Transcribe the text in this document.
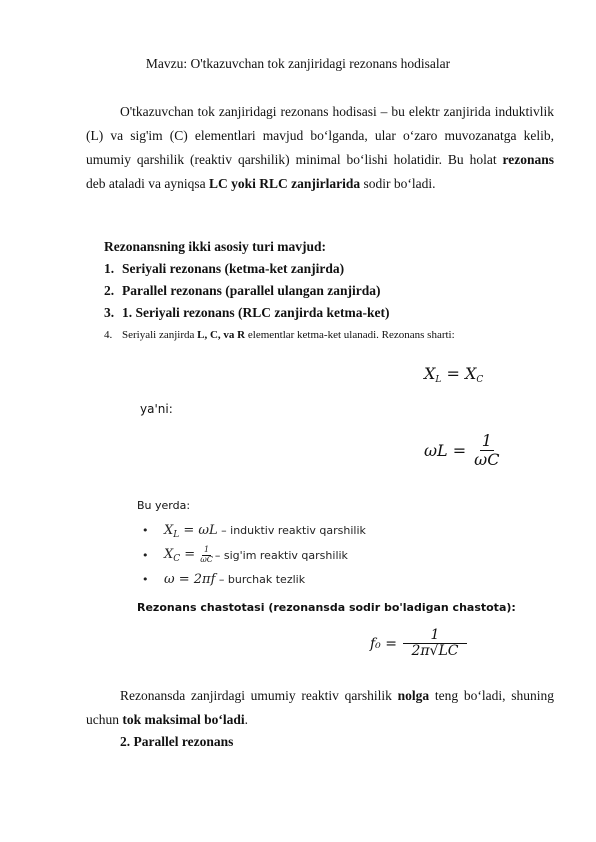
Mavzu: O'tkazuvchan tok zanjiridagi rezonans hodisalar
O'tkazuvchan tok zanjiridagi rezonans hodisasi – bu elektr zanjirida induktivlik (L) va sig'im (C) elementlari mavjud bo‘lganda, ular o‘zaro muvozanatga kelib, umumiy qarshilik (reaktiv qarshilik) minimal bo‘lishi holatidir. Bu holat rezonans deb ataladi va ayniqsa LC yoki RLC zanjirlarida sodir bo‘ladi.
Rezonansning ikki asosiy turi mavjud:
1. Seriyali rezonans (ketma-ket zanjirda)
2. Parallel rezonans (parallel ulangan zanjirda)
3. 1. Seriyali rezonans (RLC zanjirda ketma-ket)
4. Seriyali zanjirda L, C, va R elementlar ketma-ket ulanadi. Rezonans sharti:
$X_L = X_C$
ya'ni:
$\omega L = \frac{1}{\omega C}$
Bu yerda:
• $X_L = \omega L$ – induktiv reaktiv qarshilik
•	$X_C = \frac{1}{\omega C} - sig'im$ reaktiv qarshilik
• ω = 2πf – burchak tezlik
Rezonans chastotasi (rezonansda sodir bo'ladigan chastota):
$f_0 = \frac{1}{2\pi√LC}$
Rezonansda zanjirdagi umumiy reaktiv qarshilik nolga teng bo‘ladi, shuning uchun tok maksimal bo‘ladi.
2. Parallel rezonans
